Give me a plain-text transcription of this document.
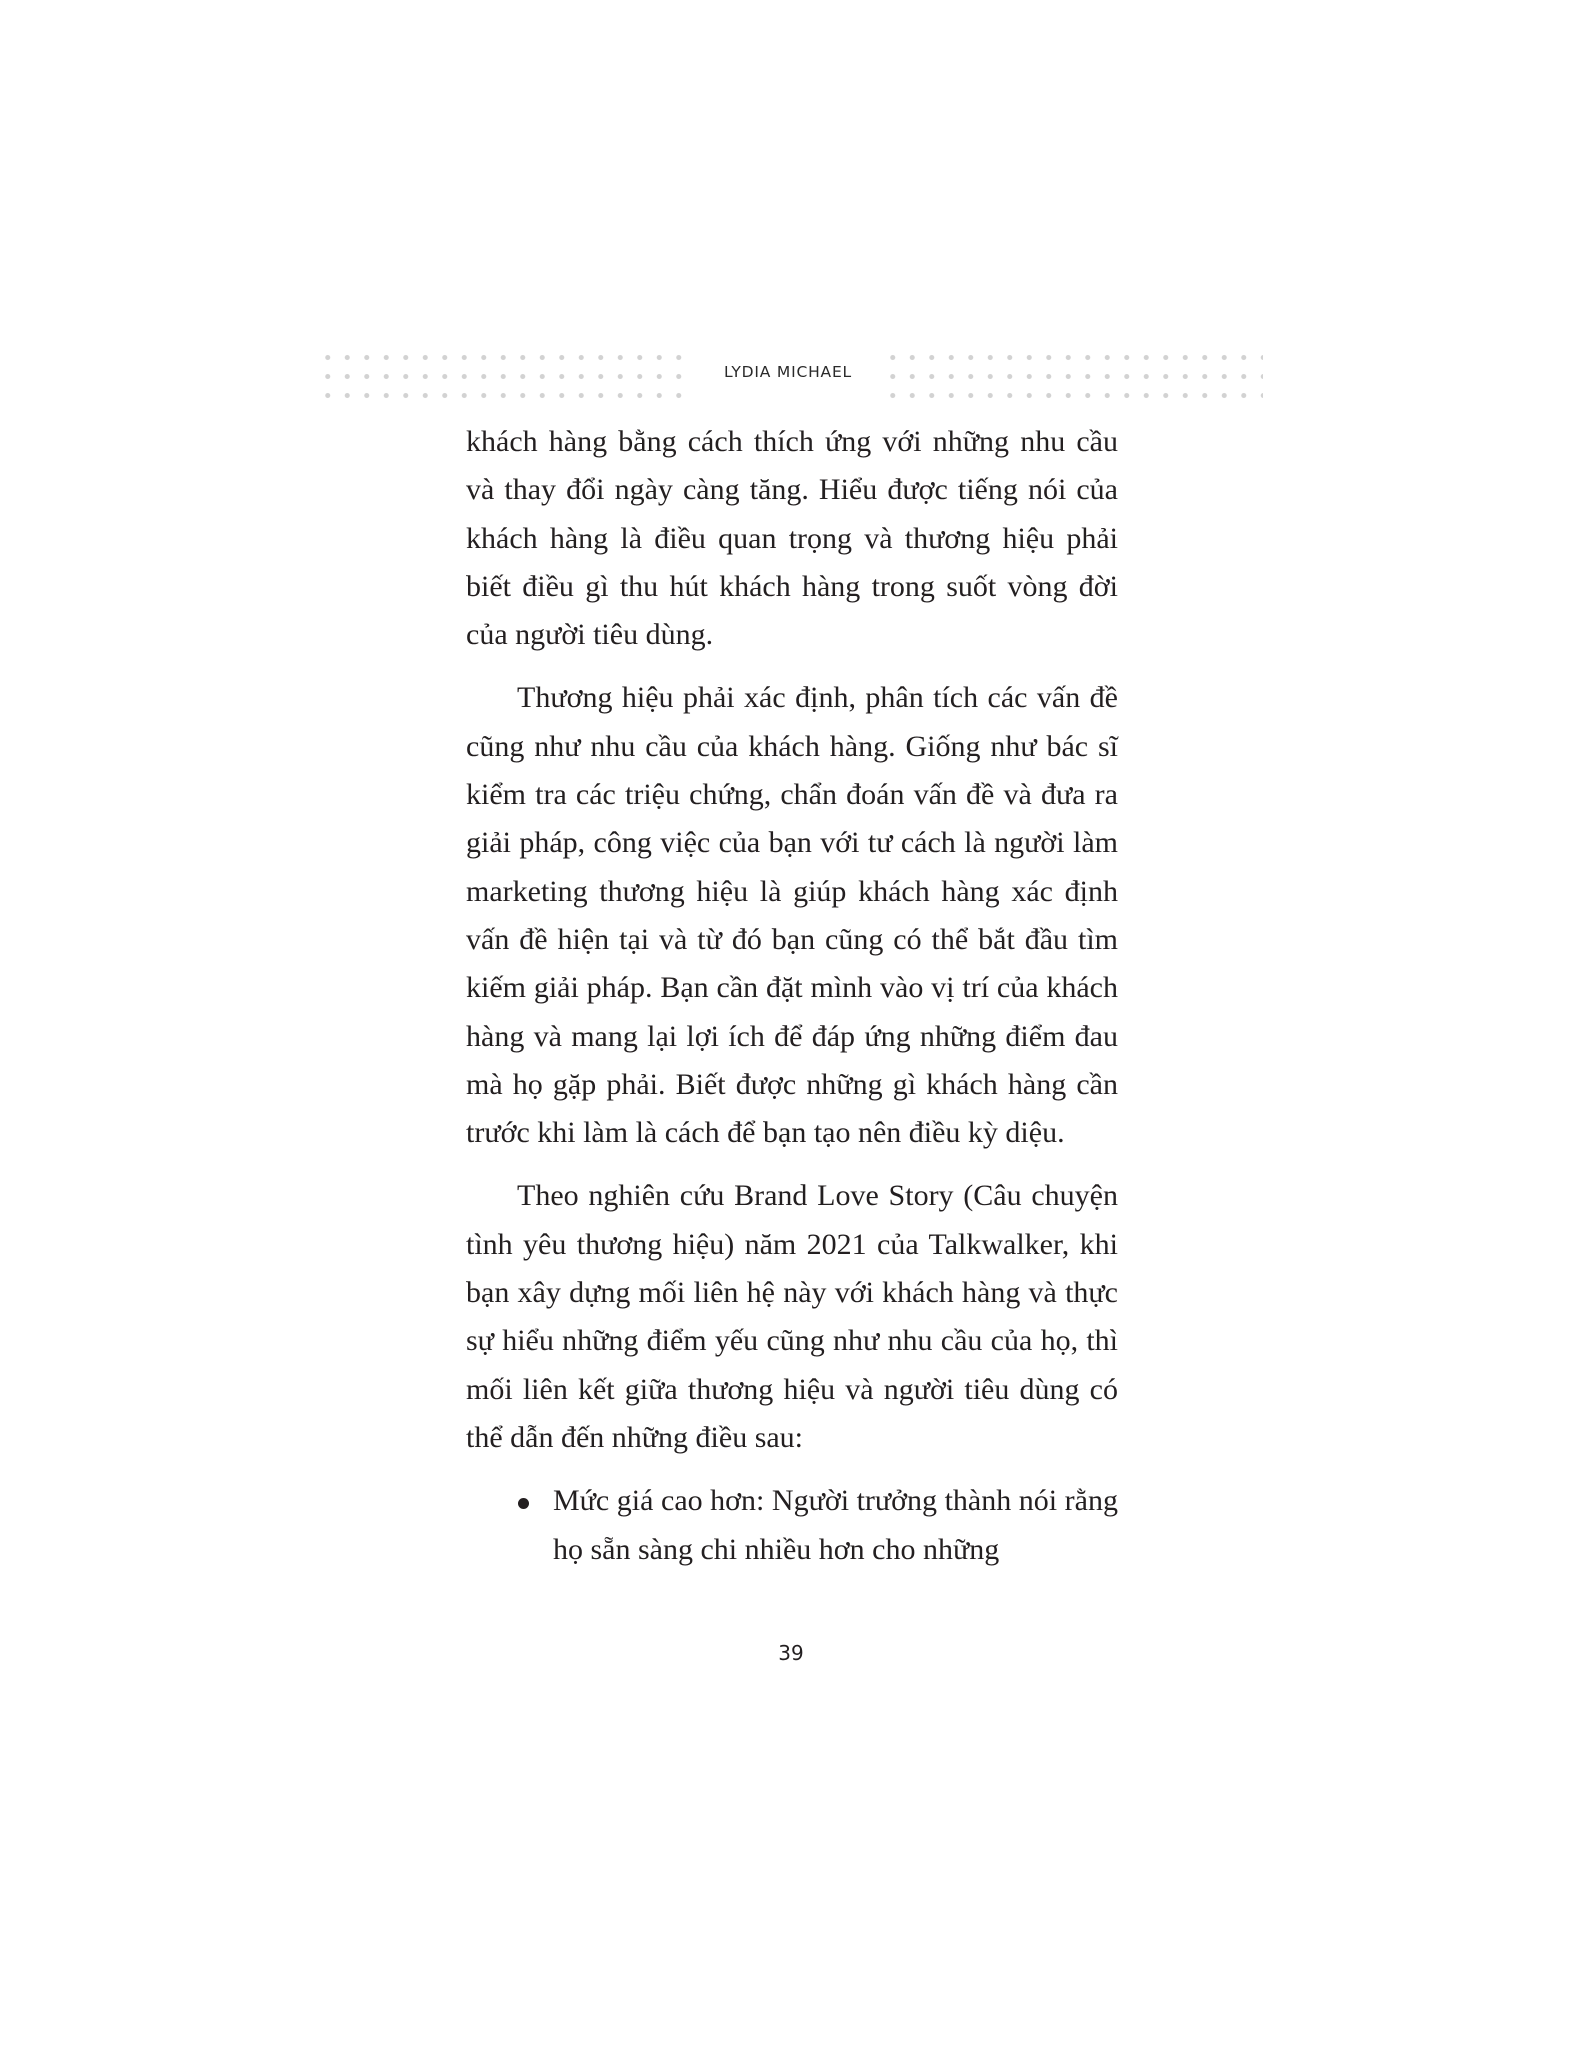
LYDIA MICHAEL

khách hàng bằng cách thích ứng với những nhu cầu và thay đổi ngày càng tăng. Hiểu được tiếng nói của khách hàng là điều quan trọng và thương hiệu phải biết điều gì thu hút khách hàng trong suốt vòng đời của người tiêu dùng.

Thương hiệu phải xác định, phân tích các vấn đề cũng như nhu cầu của khách hàng. Giống như bác sĩ kiểm tra các triệu chứng, chẩn đoán vấn đề và đưa ra giải pháp, công việc của bạn với tư cách là người làm marketing thương hiệu là giúp khách hàng xác định vấn đề hiện tại và từ đó bạn cũng có thể bắt đầu tìm kiếm giải pháp. Bạn cần đặt mình vào vị trí của khách hàng và mang lại lợi ích để đáp ứng những điểm đau mà họ gặp phải. Biết được những gì khách hàng cần trước khi làm là cách để bạn tạo nên điều kỳ diệu.

Theo nghiên cứu Brand Love Story (Câu chuyện tình yêu thương hiệu) năm 2021 của Talkwalker, khi bạn xây dựng mối liên hệ này với khách hàng và thực sự hiểu những điểm yếu cũng như nhu cầu của họ, thì mối liên kết giữa thương hiệu và người tiêu dùng có thể dẫn đến những điều sau:

Mức giá cao hơn: Người trưởng thành nói rằng họ sẵn sàng chi nhiều hơn cho những
39
